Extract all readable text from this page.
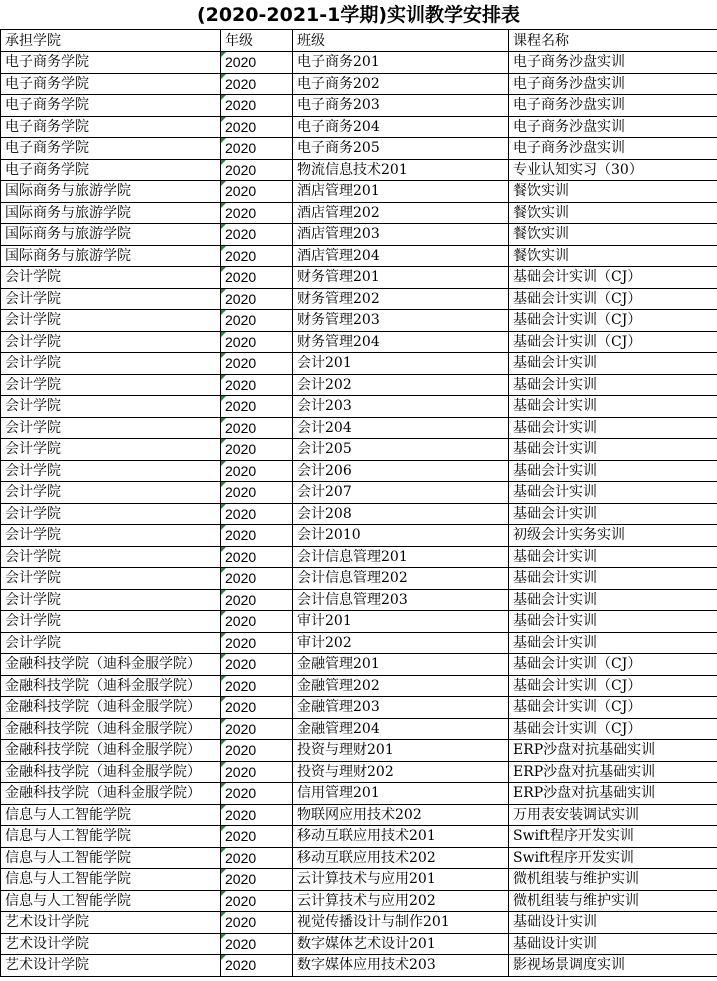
(2020-2021-1学期)实训教学安排表
承担学院	年级	班级	课程名称
电子商务学院	2020	电子商务201	电子商务沙盘实训
电子商务学院	2020	电子商务202	电子商务沙盘实训
电子商务学院	2020	电子商务203	电子商务沙盘实训
电子商务学院	2020	电子商务204	电子商务沙盘实训
电子商务学院	2020	电子商务205	电子商务沙盘实训
电子商务学院	2020	物流信息技术201	专业认知实习（30）
国际商务与旅游学院	2020	酒店管理201	餐饮实训
国际商务与旅游学院	2020	酒店管理202	餐饮实训
国际商务与旅游学院	2020	酒店管理203	餐饮实训
国际商务与旅游学院	2020	酒店管理204	餐饮实训
会计学院	2020	财务管理201	基础会计实训（CJ）
会计学院	2020	财务管理202	基础会计实训（CJ）
会计学院	2020	财务管理203	基础会计实训（CJ）
会计学院	2020	财务管理204	基础会计实训（CJ）
会计学院	2020	会计201	基础会计实训
会计学院	2020	会计202	基础会计实训
会计学院	2020	会计203	基础会计实训
会计学院	2020	会计204	基础会计实训
会计学院	2020	会计205	基础会计实训
会计学院	2020	会计206	基础会计实训
会计学院	2020	会计207	基础会计实训
会计学院	2020	会计208	基础会计实训
会计学院	2020	会计2010	初级会计实务实训
会计学院	2020	会计信息管理201	基础会计实训
会计学院	2020	会计信息管理202	基础会计实训
会计学院	2020	会计信息管理203	基础会计实训
会计学院	2020	审计201	基础会计实训
会计学院	2020	审计202	基础会计实训
金融科技学院（迪科金服学院）	2020	金融管理201	基础会计实训（CJ）
金融科技学院（迪科金服学院）	2020	金融管理202	基础会计实训（CJ）
金融科技学院（迪科金服学院）	2020	金融管理203	基础会计实训（CJ）
金融科技学院（迪科金服学院）	2020	金融管理204	基础会计实训（CJ）
金融科技学院（迪科金服学院）	2020	投资与理财201	ERP沙盘对抗基础实训
金融科技学院（迪科金服学院）	2020	投资与理财202	ERP沙盘对抗基础实训
金融科技学院（迪科金服学院）	2020	信用管理201	ERP沙盘对抗基础实训
信息与人工智能学院	2020	物联网应用技术202	万用表安装调试实训
信息与人工智能学院	2020	移动互联应用技术201	Swift程序开发实训
信息与人工智能学院	2020	移动互联应用技术202	Swift程序开发实训
信息与人工智能学院	2020	云计算技术与应用201	微机组装与维护实训
信息与人工智能学院	2020	云计算技术与应用202	微机组装与维护实训
艺术设计学院	2020	视觉传播设计与制作201	基础设计实训
艺术设计学院	2020	数字媒体艺术设计201	基础设计实训
艺术设计学院	2020	数字媒体应用技术203	影视场景调度实训
